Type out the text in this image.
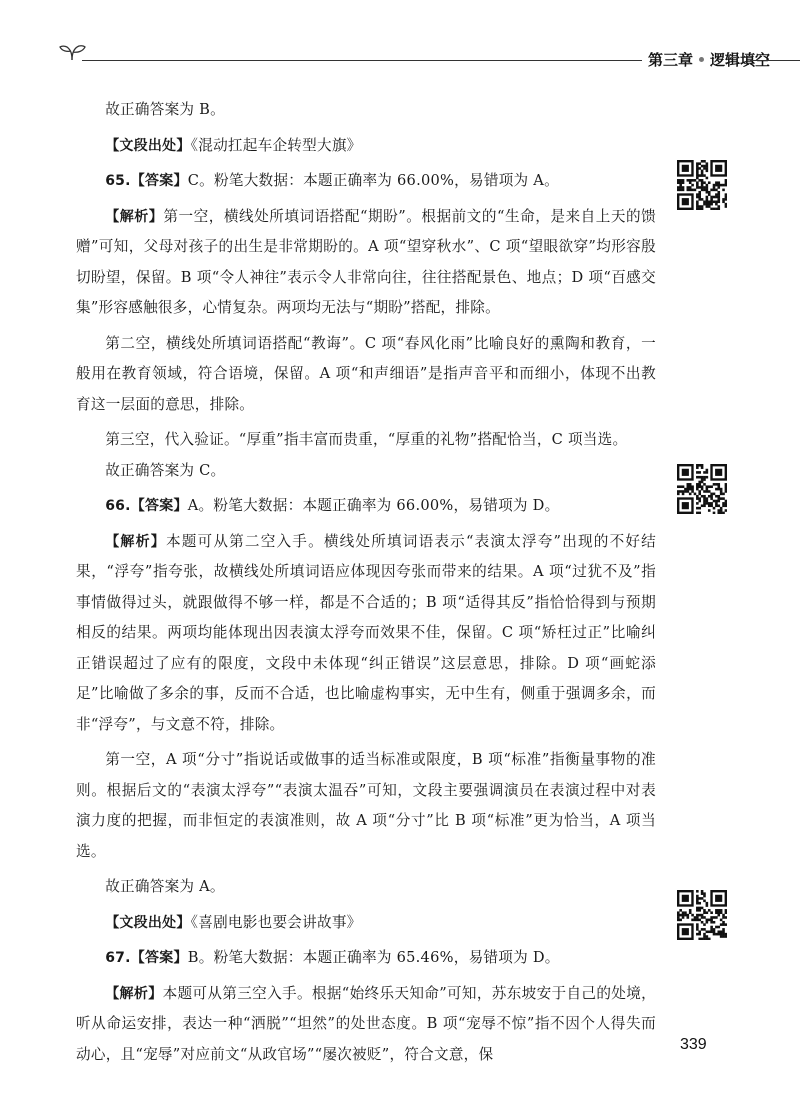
第三章 逻辑填空

故正确答案为 B。

【文段出处】《混动扛起车企转型大旗》

65.【答案】C。粉笔大数据：本题正确率为 66.00%，易错项为 A。

【解析】第一空，横线处所填词语搭配“期盼”。根据前文的“生命，是来自上天的馈赠”可知，父母对孩子的出生是非常期盼的。A 项“望穿秋水”、C 项“望眼欲穿”均形容殷切盼望，保留。B 项“令人神往”表示令人非常向往，往往搭配景色、地点；D 项“百感交集”形容感触很多，心情复杂。两项均无法与“期盼”搭配，排除。

第二空，横线处所填词语搭配“教诲”。C 项“春风化雨”比喻良好的熏陶和教育，一般用在教育领域，符合语境，保留。A 项“和声细语”是指声音平和而细小，体现不出教育这一层面的意思，排除。

第三空，代入验证。“厚重”指丰富而贵重，“厚重的礼物”搭配恰当，C 项当选。

故正确答案为 C。

66.【答案】A。粉笔大数据：本题正确率为 66.00%，易错项为 D。

【解析】本题可从第二空入手。横线处所填词语表示“表演太浮夸”出现的不好结果，“浮夸”指夸张，故横线处所填词语应体现因夸张而带来的结果。A 项“过犹不及”指事情做得过头，就跟做得不够一样，都是不合适的；B 项“适得其反”指恰恰得到与预期相反的结果。两项均能体现出因表演太浮夸而效果不佳，保留。C 项“矫枉过正”比喻纠正错误超过了应有的限度，文段中未体现“纠正错误”这层意思，排除。D 项“画蛇添足”比喻做了多余的事，反而不合适，也比喻虚构事实，无中生有，侧重于强调多余，而非“浮夸”，与文意不符，排除。

第一空，A 项“分寸”指说话或做事的适当标准或限度，B 项“标准”指衡量事物的准则。根据后文的“表演太浮夸”“表演太温吞”可知，文段主要强调演员在表演过程中对表演力度的把握，而非恒定的表演准则，故 A 项“分寸”比 B 项“标准”更为恰当，A 项当选。

故正确答案为 A。

【文段出处】《喜剧电影也要会讲故事》

67.【答案】B。粉笔大数据：本题正确率为 65.46%，易错项为 D。

【解析】本题可从第三空入手。根据“始终乐天知命”可知，苏东坡安于自己的处境，听从命运安排，表达一种“洒脱”“坦然”的处世态度。B 项“宠辱不惊”指不因个人得失而动心，且“宠辱”对应前文“从政官场”“屡次被贬”，符合文意，保

339
